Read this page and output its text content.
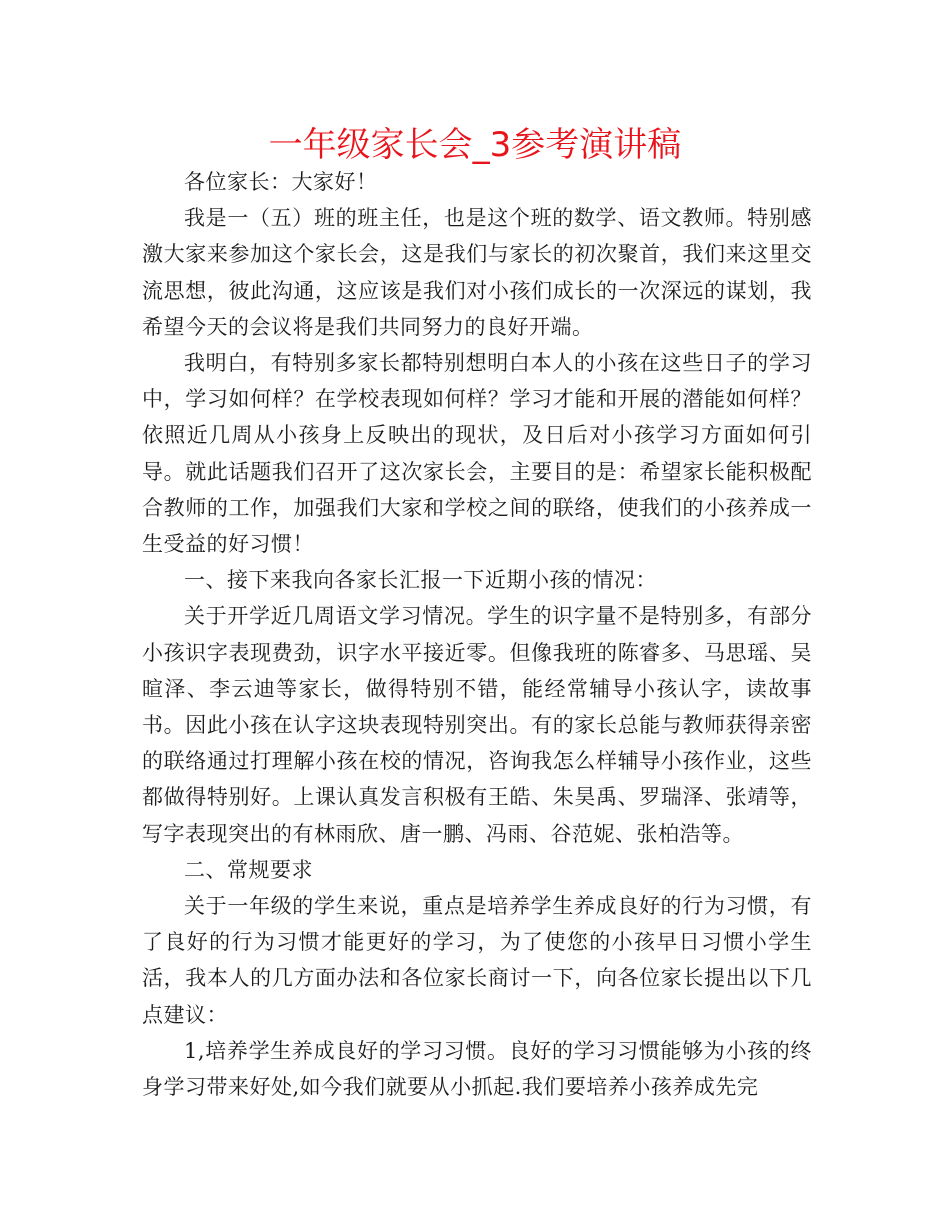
一年级家长会_3参考演讲稿

各位家长：大家好！

我是一（五）班的班主任，也是这个班的数学、语文教师。特别感激大家来参加这个家长会，这是我们与家长的初次聚首，我们来这里交流思想，彼此沟通，这应该是我们对小孩们成长的一次深远的谋划，我希望今天的会议将是我们共同努力的良好开端。

我明白，有特别多家长都特别想明白本人的小孩在这些日子的学习中，学习如何样？在学校表现如何样？学习才能和开展的潜能如何样？依照近几周从小孩身上反映出的现状，及日后对小孩学习方面如何引导。就此话题我们召开了这次家长会，主要目的是：希望家长能积极配合教师的工作，加强我们大家和学校之间的联络，使我们的小孩养成一生受益的好习惯！

一、接下来我向各家长汇报一下近期小孩的情况：

关于开学近几周语文学习情况。学生的识字量不是特别多，有部分小孩识字表现费劲，识字水平接近零。但像我班的陈睿多、马思瑶、吴暄泽、李云迪等家长，做得特别不错，能经常辅导小孩认字，读故事书。因此小孩在认字这块表现特别突出。有的家长总能与教师获得亲密的联络通过打理解小孩在校的情况，咨询我怎么样辅导小孩作业，这些都做得特别好。上课认真发言积极有王皓、朱昊禹、罗瑞泽、张靖等，写字表现突出的有林雨欣、唐一鹏、冯雨、谷范妮、张柏浩等。

二、常规要求

关于一年级的学生来说，重点是培养学生养成良好的行为习惯，有了良好的行为习惯才能更好的学习，为了使您的小孩早日习惯小学生活，我本人的几方面办法和各位家长商讨一下，向各位家长提出以下几点建议：

1,培养学生养成良好的学习习惯。良好的学习习惯能够为小孩的终身学习带来好处,如今我们就要从小抓起.我们要培养小孩养成先完
